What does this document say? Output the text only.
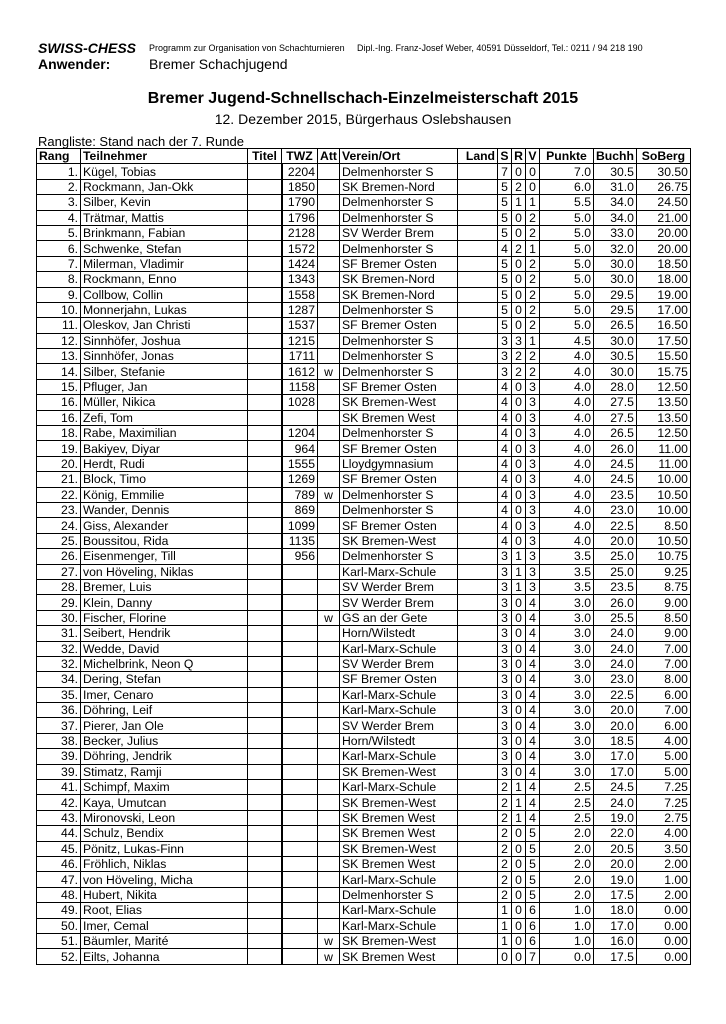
SWISS-CHESS Programm zur Organisation von Schachturnieren Dipl.-Ing. Franz-Josef Weber, 40591 Düsseldorf, Tel.: 0211 / 94 218 190
Anwender:	Bremer Schachjugend
Bremer Jugend-Schnellschach-Einzelmeisterschaft 2015
12. Dezember 2015, Bürgerhaus Oslebshausen
Rangliste: Stand nach der 7. Runde
Rang	Teilnehmer	Titel	TWZ	Att	Verein/Ort	Land	S	R	V	Punkte	Buchh	SoBerg
1.	Kügel, Tobias		2204		Delmenhorster S		7	0	0	7.0	30.5	30.50
2.	Rockmann, Jan-Okk		1850		SK Bremen-Nord		5	2	0	6.0	31.0	26.75
3.	Silber, Kevin		1790		Delmenhorster S		5	1	1	5.5	34.0	24.50
4.	Trätmar, Mattis		1796		Delmenhorster S		5	0	2	5.0	34.0	21.00
5.	Brinkmann, Fabian		2128		SV Werder Brem		5	0	2	5.0	33.0	20.00
6.	Schwenke, Stefan		1572		Delmenhorster S		4	2	1	5.0	32.0	20.00
7.	Milerman, Vladimir		1424		SF Bremer Osten		5	0	2	5.0	30.0	18.50
8.	Rockmann, Enno		1343		SK Bremen-Nord		5	0	2	5.0	30.0	18.00
9.	Collbow, Collin		1558		SK Bremen-Nord		5	0	2	5.0	29.5	19.00
10.	Monnerjahn, Lukas		1287		Delmenhorster S		5	0	2	5.0	29.5	17.00
11.	Oleskov, Jan Christi		1537		SF Bremer Osten		5	0	2	5.0	26.5	16.50
12.	Sinnhöfer, Joshua		1215		Delmenhorster S		3	3	1	4.5	30.0	17.50
13.	Sinnhöfer, Jonas		1711		Delmenhorster S		3	2	2	4.0	30.5	15.50
14.	Silber, Stefanie		1612	w	Delmenhorster S		3	2	2	4.0	30.0	15.75
15.	Pfluger, Jan		1158		SF Bremer Osten		4	0	3	4.0	28.0	12.50
16.	Müller, Nikica		1028		SK Bremen-West		4	0	3	4.0	27.5	13.50
16.	Zefi, Tom				SK Bremen West		4	0	3	4.0	27.5	13.50
18.	Rabe, Maximilian		1204		Delmenhorster S		4	0	3	4.0	26.5	12.50
19.	Bakiyev, Diyar		964		SF Bremer Osten		4	0	3	4.0	26.0	11.00
20.	Herdt, Rudi		1555		Lloydgymnasium		4	0	3	4.0	24.5	11.00
21.	Block, Timo		1269		SF Bremer Osten		4	0	3	4.0	24.5	10.00
22.	König, Emmilie		789	w	Delmenhorster S		4	0	3	4.0	23.5	10.50
23.	Wander, Dennis		869		Delmenhorster S		4	0	3	4.0	23.0	10.00
24.	Giss, Alexander		1099		SF Bremer Osten		4	0	3	4.0	22.5	8.50
25.	Boussitou, Rida		1135		SK Bremen-West		4	0	3	4.0	20.0	10.50
26.	Eisenmenger, Till		956		Delmenhorster S		3	1	3	3.5	25.0	10.75
27.	von Höveling, Niklas				Karl-Marx-Schule		3	1	3	3.5	25.0	9.25
28.	Bremer, Luis				SV Werder Brem		3	1	3	3.5	23.5	8.75
29.	Klein, Danny				SV Werder Brem		3	0	4	3.0	26.0	9.00
30.	Fischer, Florine			w	GS an der Gete		3	0	4	3.0	25.5	8.50
31.	Seibert, Hendrik				Horn/Wilstedt		3	0	4	3.0	24.0	9.00
32.	Wedde, David				Karl-Marx-Schule		3	0	4	3.0	24.0	7.00
32.	Michelbrink, Neon Q				SV Werder Brem		3	0	4	3.0	24.0	7.00
34.	Dering, Stefan				SF Bremer Osten		3	0	4	3.0	23.0	8.00
35.	Imer, Cenaro				Karl-Marx-Schule		3	0	4	3.0	22.5	6.00
36.	Döhring, Leif				Karl-Marx-Schule		3	0	4	3.0	20.0	7.00
37.	Pierer, Jan Ole				SV Werder Brem		3	0	4	3.0	20.0	6.00
38.	Becker, Julius				Horn/Wilstedt		3	0	4	3.0	18.5	4.00
39.	Döhring, Jendrik				Karl-Marx-Schule		3	0	4	3.0	17.0	5.00
39.	Stimatz, Ramji				SK Bremen-West		3	0	4	3.0	17.0	5.00
41.	Schimpf, Maxim				Karl-Marx-Schule		2	1	4	2.5	24.5	7.25
42.	Kaya, Umutcan				SK Bremen-West		2	1	4	2.5	24.0	7.25
43.	Mironovski, Leon				SK Bremen West		2	1	4	2.5	19.0	2.75
44.	Schulz, Bendix				SK Bremen West		2	0	5	2.0	22.0	4.00
45.	Pönitz, Lukas-Finn				SK Bremen-West		2	0	5	2.0	20.5	3.50
46.	Fröhlich, Niklas				SK Bremen West		2	0	5	2.0	20.0	2.00
47.	von Höveling, Micha				Karl-Marx-Schule		2	0	5	2.0	19.0	1.00
48.	Hubert, Nikita				Delmenhorster S		2	0	5	2.0	17.5	2.00
49.	Root, Elias				Karl-Marx-Schule		1	0	6	1.0	18.0	0.00
50.	Imer, Cemal				Karl-Marx-Schule		1	0	6	1.0	17.0	0.00
51.	Bäumler, Marité			w	SK Bremen-West		1	0	6	1.0	16.0	0.00
52.	Eilts, Johanna			w	SK Bremen West		0	0	7	0.0	17.5	0.00
